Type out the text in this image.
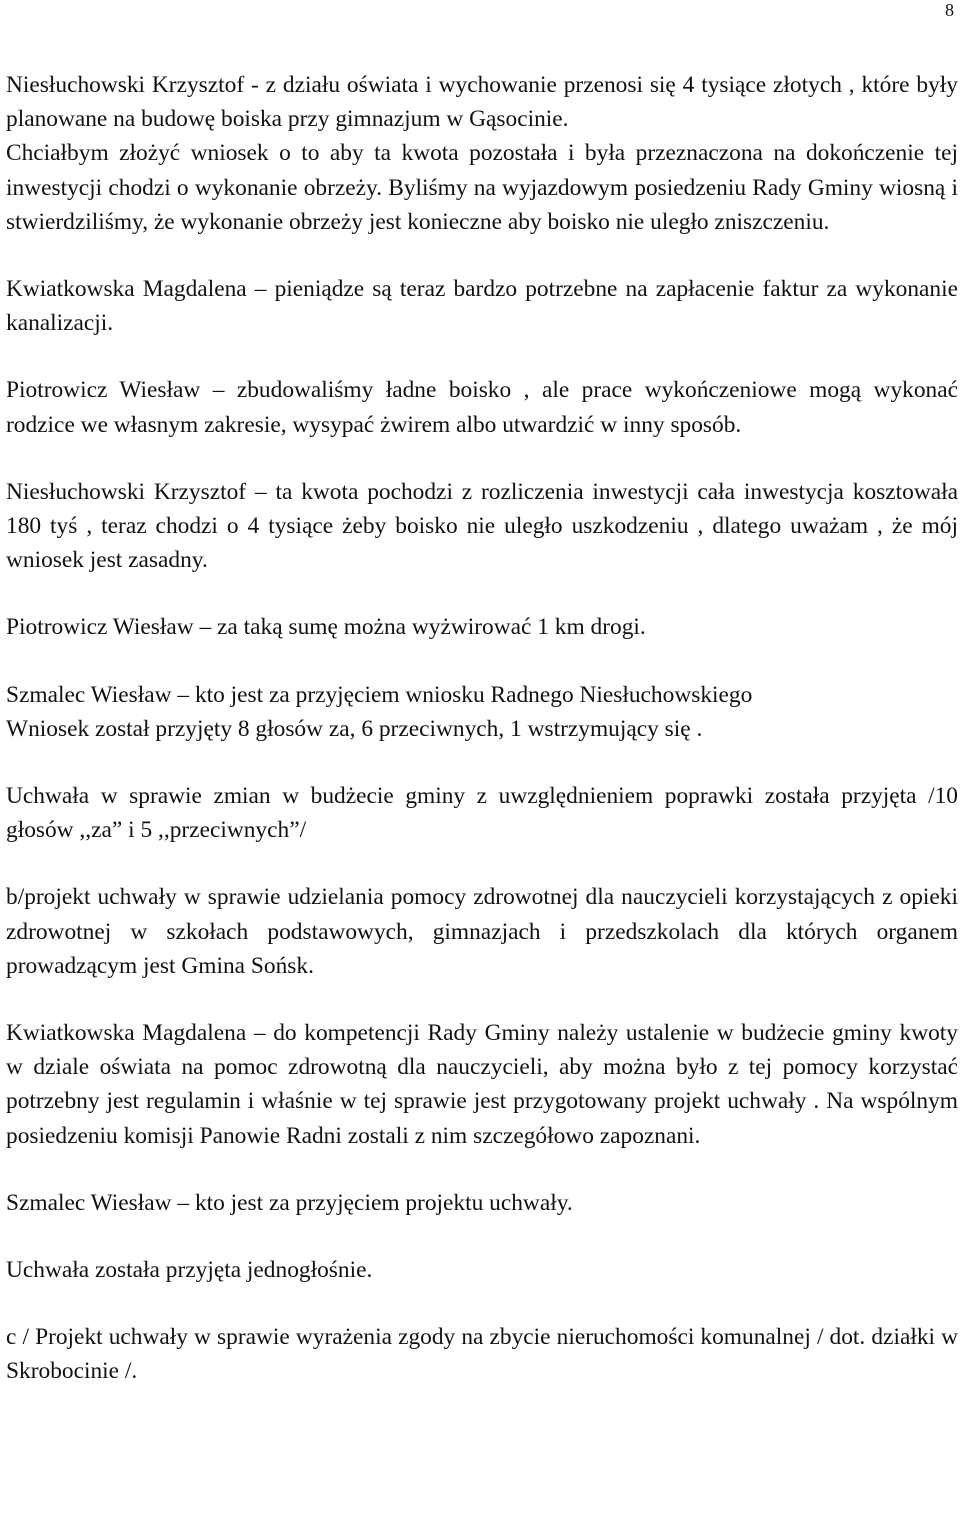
8

Niesłuchowski Krzysztof - z działu oświata i wychowanie przenosi się 4 tysiące złotych , które były planowane na budowę boiska przy gimnazjum w Gąsocinie.

Chciałbym złożyć wniosek o to aby ta kwota pozostała i była przeznaczona na dokończenie tej inwestycji chodzi o wykonanie obrzeży. Byliśmy na wyjazdowym posiedzeniu Rady Gminy wiosną i stwierdziliśmy, że wykonanie obrzeży jest konieczne aby boisko nie uległo zniszczeniu.

Kwiatkowska Magdalena – pieniądze są teraz bardzo potrzebne na zapłacenie faktur za wykonanie kanalizacji.

Piotrowicz Wiesław – zbudowaliśmy ładne boisko , ale prace wykończeniowe mogą wykonać rodzice we własnym zakresie, wysypać żwirem albo utwardzić w inny sposób.

Niesłuchowski Krzysztof – ta kwota pochodzi z rozliczenia inwestycji cała inwestycja kosztowała 180 tyś , teraz chodzi o 4 tysiące żeby boisko nie uległo uszkodzeniu , dlatego uważam , że mój wniosek jest zasadny.

Piotrowicz Wiesław – za taką sumę można wyżwirować 1 km drogi.

Szmalec Wiesław – kto jest za przyjęciem wniosku Radnego Niesłuchowskiego
Wniosek został przyjęty 8 głosów za, 6 przeciwnych, 1 wstrzymujący się .

Uchwała w sprawie zmian w budżecie gminy z uwzględnieniem poprawki została przyjęta /10 głosów ,,za” i 5 ,,przeciwnych”/

b/projekt uchwały w sprawie udzielania pomocy zdrowotnej dla nauczycieli korzystających z opieki zdrowotnej w szkołach podstawowych, gimnazjach i przedszkolach dla których organem prowadzącym jest Gmina Sońsk.

Kwiatkowska Magdalena – do kompetencji Rady Gminy należy ustalenie w budżecie gminy kwoty w dziale oświata na pomoc zdrowotną dla nauczycieli, aby można było z tej pomocy korzystać potrzebny jest regulamin i właśnie w tej sprawie jest przygotowany projekt uchwały . Na wspólnym posiedzeniu komisji Panowie Radni zostali z nim szczegółowo zapoznani.

Szmalec Wiesław – kto jest za przyjęciem projektu uchwały.

Uchwała została przyjęta jednogłośnie.

c / Projekt uchwały w sprawie wyrażenia zgody na zbycie nieruchomości komunalnej / dot. działki w Skrobocinie /.
